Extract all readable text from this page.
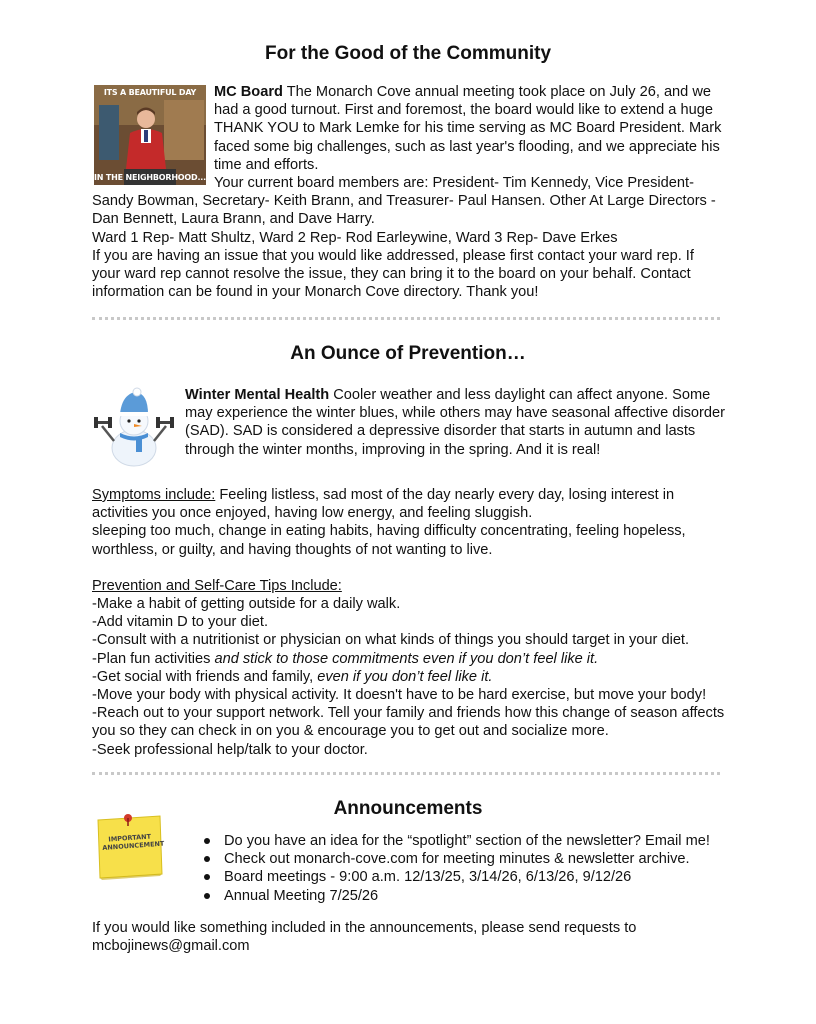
For the Good of the Community
ITS A BEAUTIFUL DAY
IN THE NEIGHBORHOOD...

MC Board The Monarch Cove annual meeting took place on July 26, and we had a good turnout. First and foremost, the board would like to extend a huge THANK YOU to Mark Lemke for his time serving as MC Board President. Mark faced some big challenges, such as last year's flooding, and we appreciate his time and efforts.

Your current board members are: President- Tim Kennedy, Vice President- Sandy Bowman, Secretary- Keith Brann, and Treasurer- Paul Hansen. Other At Large Directors - Dan Bennett, Laura Brann, and Dave Harry.

Ward 1 Rep- Matt Shultz, Ward 2 Rep- Rod Earleywine, Ward 3 Rep- Dave Erkes

If you are having an issue that you would like addressed, please first contact your ward rep. If your ward rep cannot resolve the issue, they can bring it to the board on your behalf. Contact information can be found in your Monarch Cove directory. Thank you!

An Ounce of Prevention…

Winter Mental Health Cooler weather and less daylight can affect anyone. Some may experience the winter blues, while others may have seasonal affective disorder (SAD). SAD is considered a depressive disorder that starts in autumn and lasts through the winter months, improving in the spring. And it is real!

Symptoms include: Feeling listless, sad most of the day nearly every day, losing interest in activities you once enjoyed, having low energy, and feeling sluggish.

sleeping too much, change in eating habits, having difficulty concentrating, feeling hopeless, worthless, or guilty, and having thoughts of not wanting to live.

Prevention and Self-Care Tips Include:

-Make a habit of getting outside for a daily walk.

-Add vitamin D to your diet.

-Consult with a nutritionist or physician on what kinds of things you should target in your diet.

-Plan fun activities and stick to those commitments even if you don’t feel like it.

-Get social with friends and family, even if you don’t feel like it.

-Move your body with physical activity. It doesn't have to be hard exercise, but move your body!

-Reach out to your support network. Tell your family and friends how this change of season affects you so they can check in on you & encourage you to get out and socialize more.

-Seek professional help/talk to your doctor.

Announcements
IMPORTANT ANNOUNCEMENT	Do you have an idea for the “spotlight” section of the newsletter? Email me!
Check out monarch-cove.com for meeting minutes & newsletter archive.
Board meetings - 9:00 a.m. 12/13/25, 3/14/26, 6/13/26, 9/12/26
Annual Meeting 7/25/26

If you would like something included in the announcements, please send requests to mcbojinews@gmail.com
